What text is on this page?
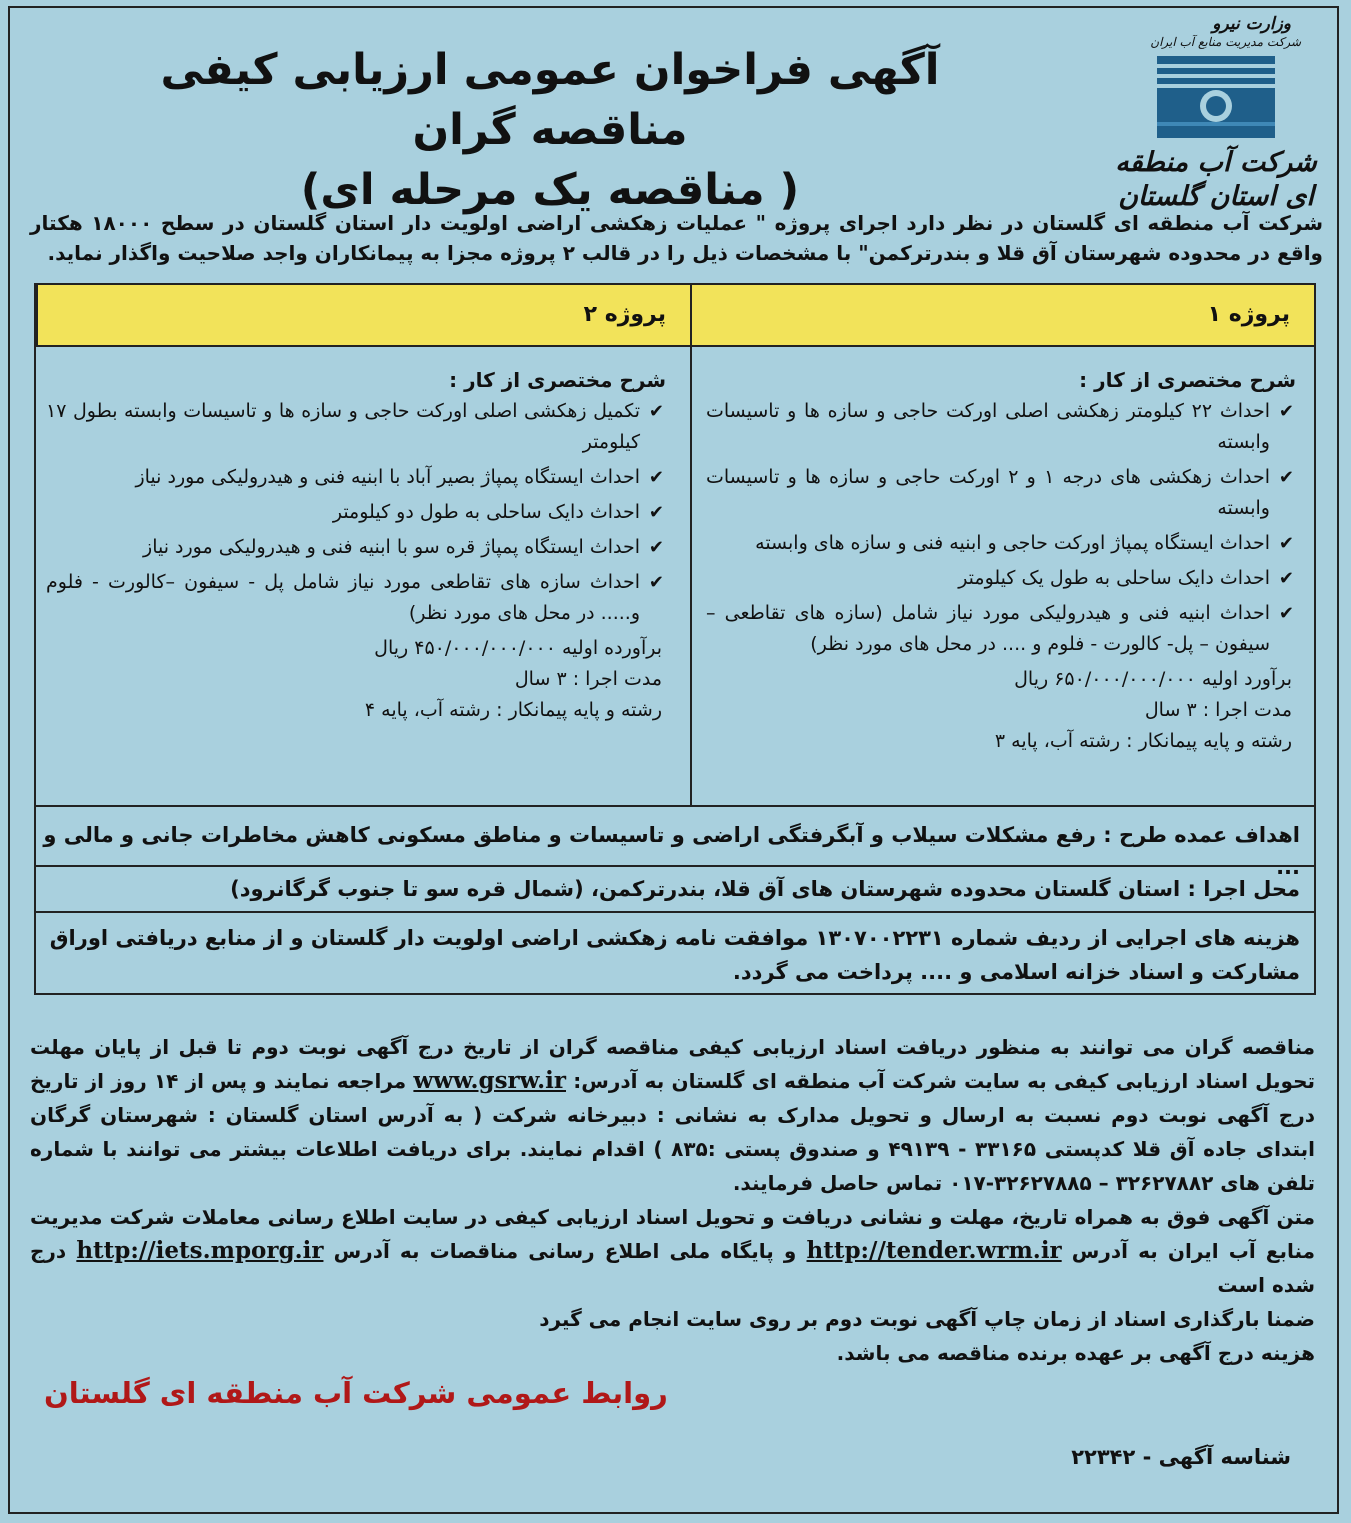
وزارت نیرو
شرکت مدیریت منابع آب ایران
شرکت آب منطقه ای استان گلستان
آگهی فراخوان عمومی ارزیابی کیفی مناقصه گران
( مناقصه یک مرحله ای)
شرکت آب منطقه ای گلستان در نظر دارد اجرای پروژه " عملیات زهکشی اراضی اولویت دار استان گلستان در سطح ۱۸۰۰۰ هکتار واقع در محدوده شهرستان آق قلا و بندرترکمن" با مشخصات ذیل را در قالب ۲ پروژه مجزا به پیمانکاران واجد صلاحیت واگذار نماید.
پروژه ۱
پروژه ۲
شرح مختصری از کار :
✔
احداث ۲۲ کیلومتر زهکشی اصلی اورکت حاجی و سازه ها و تاسیسات وابسته
✔
احداث زهکشی های درجه ۱ و ۲ اورکت حاجی و سازه ها و تاسیسات وابسته
✔
احداث ایستگاه پمپاژ اورکت حاجی و ابنیه فنی و سازه های وابسته
✔
احداث دایک ساحلی به طول یک کیلومتر
✔
احداث ابنیه فنی و هیدرولیکی مورد نیاز شامل (سازه های تقاطعی – سیفون – پل- کالورت - فلوم و .... در محل های مورد نظر)
برآورد اولیه ۶۵۰/۰۰۰/۰۰۰/۰۰۰ ریال
مدت اجرا : ۳ سال
رشته و پایه پیمانکار : رشته آب، پایه ۳
شرح مختصری از کار :
✔
تکمیل زهکشی اصلی اورکت حاجی و سازه ها و تاسیسات وابسته بطول ۱۷ کیلومتر
✔
احداث ایستگاه پمپاژ بصیر آباد با ابنیه فنی و هیدرولیکی مورد نیاز
✔
احداث دایک ساحلی به طول دو کیلومتر
✔
احداث ایستگاه پمپاژ قره سو با ابنیه فنی و هیدرولیکی مورد نیاز
✔
احداث سازه های تقاطعی مورد نیاز شامل پل - سیفون –کالورت - فلوم و..... در محل های مورد نظر)
برآورده اولیه ۴۵۰/۰۰۰/۰۰۰/۰۰۰ ریال
مدت اجرا : ۳ سال
رشته و پایه پیمانکار : رشته آب، پایه ۴
اهداف عمده طرح : رفع مشکلات سیلاب و آبگرفتگی اراضی و تاسیسات و مناطق مسکونی کاهش مخاطرات جانی و مالی و ...
محل اجرا : استان گلستان محدوده شهرستان های آق قلا، بندرترکمن، (شمال قره سو تا جنوب گرگانرود)
هزینه های اجرایی از ردیف شماره ۱۳۰۷۰۰۲۲۳۱ موافقت نامه زهکشی اراضی اولویت دار گلستان و از منابع دریافتی اوراق مشارکت و اسناد خزانه اسلامی و .... پرداخت می گردد.

مناقصه گران می توانند به منظور دریافت اسناد ارزیابی کیفی مناقصه گران از تاریخ درج آگهی نوبت دوم تا قبل از پایان مهلت تحویل اسناد ارزیابی کیفی به سایت شرکت آب منطقه ای گلستان به آدرس: www.gsrw.ir مراجعه نمایند و پس از ۱۴ روز از تاریخ درج آگهی نوبت دوم نسبت به ارسال و تحویل مدارک به نشانی : دبیرخانه شرکت ( به آدرس استان گلستان : شهرستان گرگان ابتدای جاده آق قلا کدپستی ۳۳۱۶۵ - ۴۹۱۳۹ و صندوق پستی :۸۳۵ ) اقدام نمایند. برای دریافت اطلاعات بیشتر می توانند با شماره تلفن های ۳۲۶۲۷۸۸۲ – ۳۲۶۲۷۸۸۵-۰۱۷ تماس حاصل فرمایند.

متن آگهی فوق به همراه تاریخ، مهلت و نشانی دریافت و تحویل اسناد ارزیابی کیفی در سایت اطلاع رسانی معاملات شرکت مدیریت منابع آب ایران به آدرس http://tender.wrm.ir و پایگاه ملی اطلاع رسانی مناقصات به آدرس http://iets.mporg.ir درج شده است

ضمنا بارگذاری اسناد از زمان چاپ آگهی نوبت دوم بر روی سایت انجام می گیرد

هزینه درج آگهی بر عهده برنده مناقصه می باشد.

روابط عمومی شرکت آب منطقه ای گلستان
شناسه آگهی - ۲۲۳۴۲
